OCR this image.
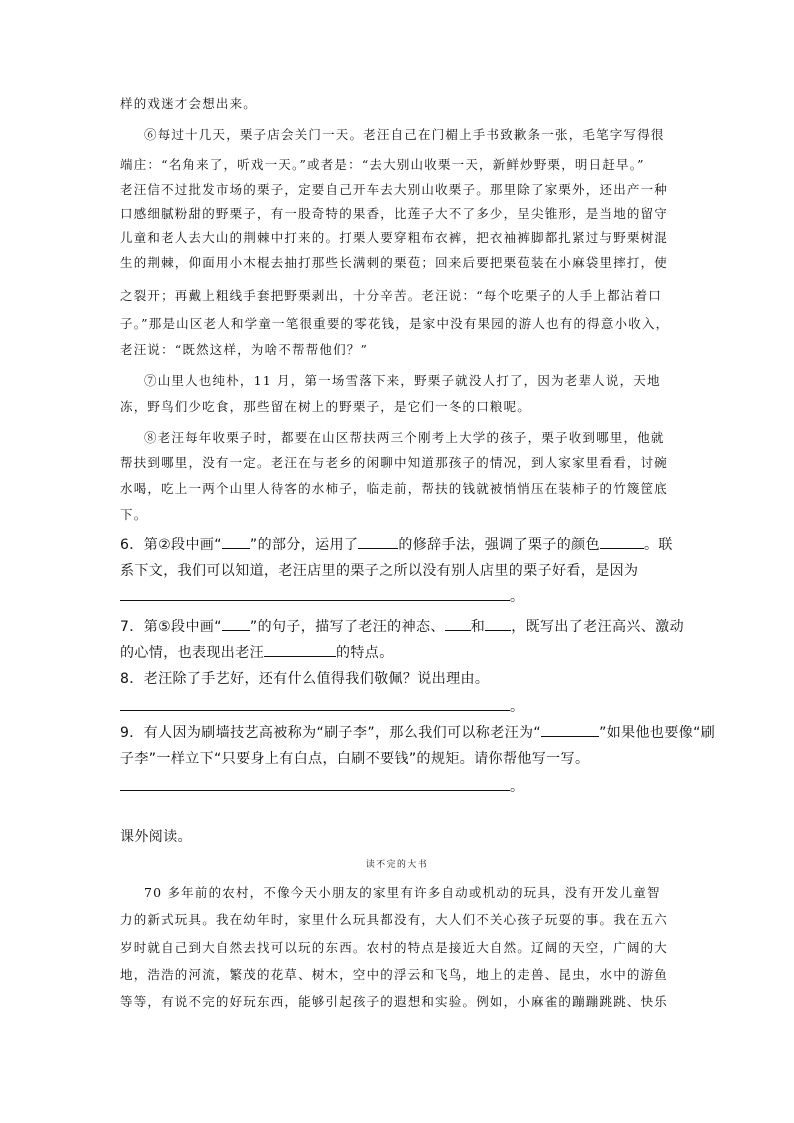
样的戏迷才会想出来。
⑥每过十几天，栗子店会关门一天。老汪自己在门楣上手书致歉条一张，毛笔字写得很
端庄：“名角来了，听戏一天。”或者是：“去大别山收栗一天，新鲜炒野栗，明日赶早。”
老汪信不过批发市场的栗子，定要自己开车去大别山收栗子。那里除了家栗外，还出产一种
口感细腻粉甜的野栗子，有一股奇特的果香，比莲子大不了多少，呈尖锥形，是当地的留守
儿童和老人去大山的荆棘中打来的。打栗人要穿粗布衣裤，把衣袖裤脚都扎紧过与野栗树混
生的荆棘，仰面用小木棍去抽打那些长满刺的栗苞；回来后要把栗苞装在小麻袋里摔打，使
之裂开；再戴上粗线手套把野栗剥出，十分辛苦。老汪说：“每个吃栗子的人手上都沾着口
子。”那是山区老人和学童一笔很重要的零花钱，是家中没有果园的游人也有的得意小收入，
老汪说：“既然这样，为啥不帮帮他们？”
⑦山里人也纯朴，11 月，第一场雪落下来，野栗子就没人打了，因为老辈人说，天地
冻，野鸟们少吃食，那些留在树上的野栗子，是它们一冬的口粮呢。
⑧老汪每年收栗子时，都要在山区帮扶两三个刚考上大学的孩子，栗子收到哪里，他就
帮扶到哪里，没有一定。老汪在与老乡的闲聊中知道那孩子的情况，到人家家里看看，讨碗
水喝，吃上一两个山里人待客的水柿子，临走前，帮扶的钱就被悄悄压在装柿子的竹篾筐底
下。
6．第②段中画“ ”的部分，运用了	的修辞手法，强调了栗子的颜色	。联
系下文，我们可以知道，老汪店里的栗子之所以没有别人店里的栗子好看，是因为
。
7．第⑤段中画“ ”的句子，描写了老汪的神态、 和 ，既写出了老汪高兴、激动
的心情，也表现出老汪	的特点。
8．老汪除了手艺好，还有什么值得我们敬佩？说出理由。
。
9．有人因为刷墙技艺高被称为“刷子李”，那么我们可以称老汪为“	”如果他也要像“刷
子李”一样立下“只要身上有白点，白刷不要钱”的规矩。请你帮他写一写。
。
课外阅读。
读不完的大书
70 多年前的农村，不像今天小朋友的家里有许多自动或机动的玩具，没有开发儿童智
力的新式玩具。我在幼年时，家里什么玩具都没有，大人们不关心孩子玩耍的事。我在五六
岁时就自己到大自然去找可以玩的东西。农村的特点是接近大自然。辽阔的天空，广阔的大
地，浩浩的河流，繁茂的花草、树木，空中的浮云和飞鸟，地上的走兽、昆虫，水中的游鱼
等等，有说不完的好玩东西，能够引起孩子的遐想和实验。例如，小麻雀的蹦蹦跳跳、快乐
